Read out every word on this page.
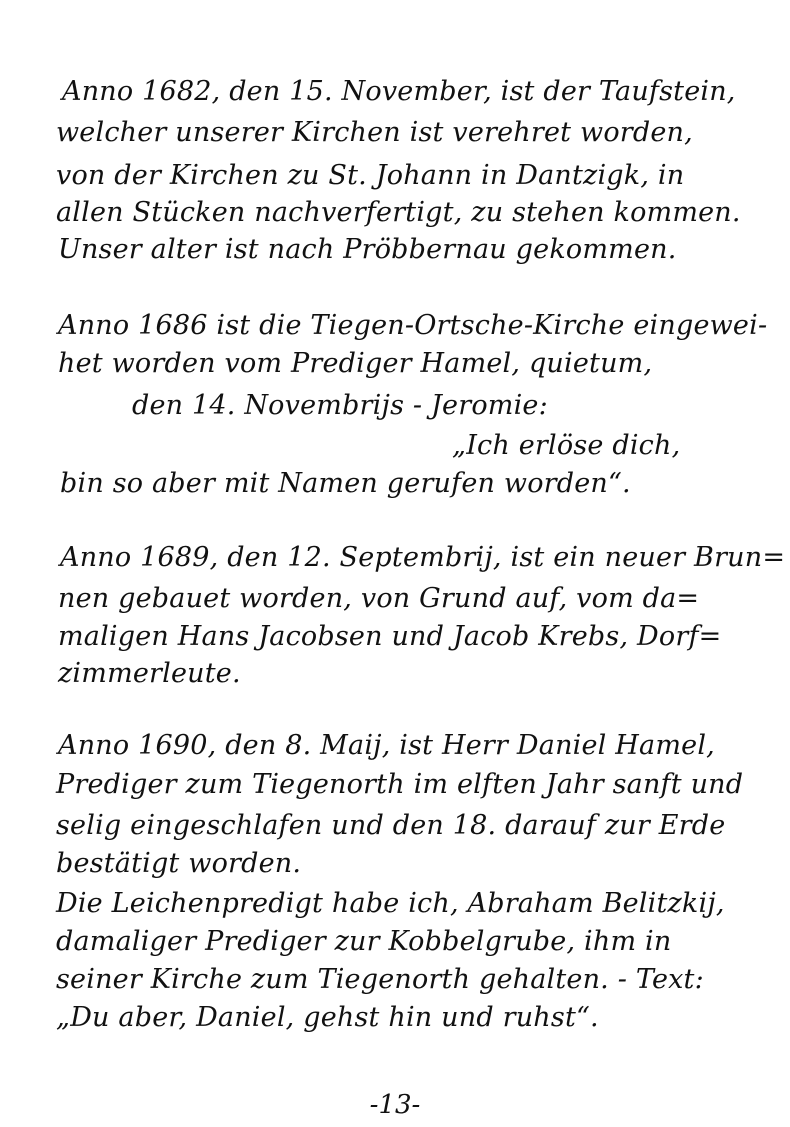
Anno 1682, den 15. November, ist der Taufstein,
welcher unserer Kirchen ist verehret worden,
von der Kirchen zu St. Johann in Dantzigk, in
allen Stücken nachverfertigt, zu stehen kommen.
Unser alter ist nach Pröbbernau gekommen.
Anno 1686 ist die Tiegen-Ortsche-Kirche eingewei-
het worden vom Prediger Hamel, quietum,
den 14. Novembrijs - Jeromie:
„Ich erlöse dich,
bin so aber mit Namen gerufen worden“.
Anno 1689, den 12. Septembrij, ist ein neuer Brun=
nen gebauet worden, von Grund auf, vom da=
maligen Hans Jacobsen und Jacob Krebs, Dorf=
zimmerleute.
Anno 1690, den 8. Maij, ist Herr Daniel Hamel,
Prediger zum Tiegenorth im elften Jahr sanft und
selig eingeschlafen und den 18. darauf zur Erde
bestätigt worden.
Die Leichenpredigt habe ich, Abraham Belitzkij,
damaliger Prediger zur Kobbelgrube, ihm in
seiner Kirche zum Tiegenorth gehalten. - Text:
„Du aber, Daniel, gehst hin und ruhst“.
-13-
